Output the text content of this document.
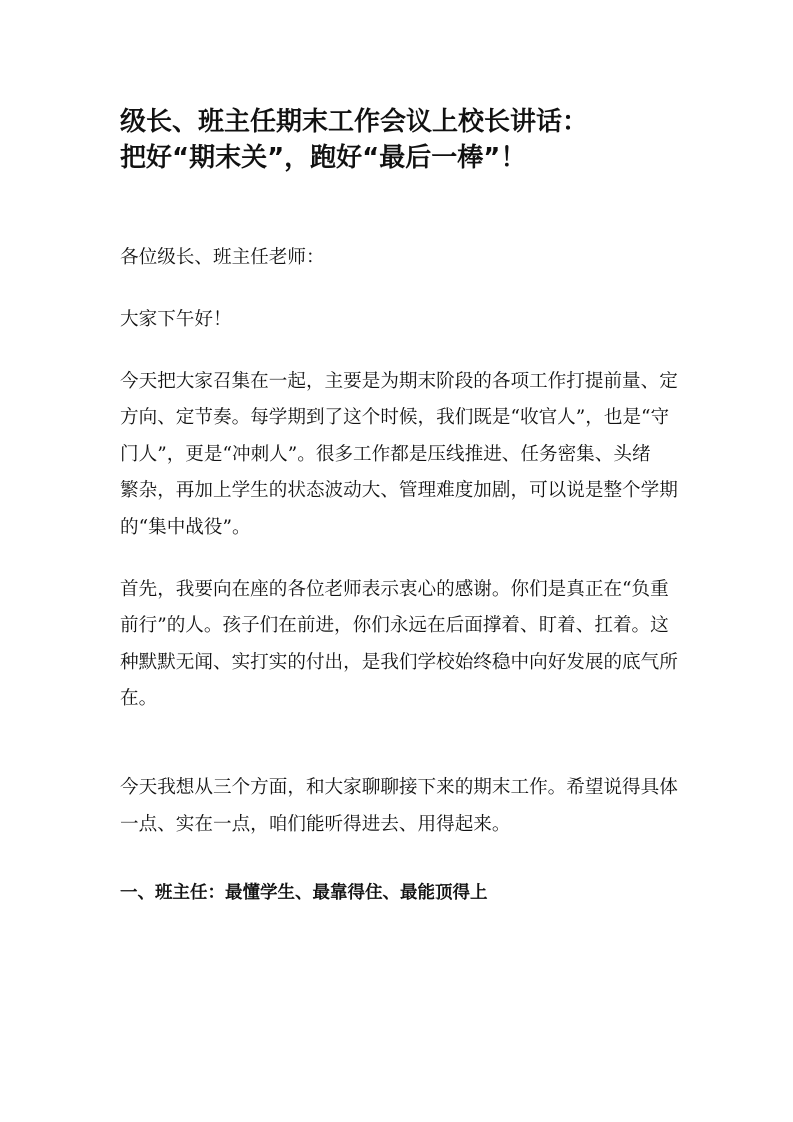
级长、班主任期末工作会议上校长讲话：
把好“期末关”，跑好“最后一棒”！
各位级长、班主任老师：
大家下午好！
今天把大家召集在一起，主要是为期末阶段的各项工作打提前量、定
方向、定节奏。每学期到了这个时候，我们既是“收官人”，也是“守
门人”，更是“冲刺人”。很多工作都是压线推进、任务密集、头绪
繁杂，再加上学生的状态波动大、管理难度加剧，可以说是整个学期
的“集中战役”。
首先，我要向在座的各位老师表示衷心的感谢。你们是真正在“负重
前行”的人。孩子们在前进，你们永远在后面撑着、盯着、扛着。这
种默默无闻、实打实的付出，是我们学校始终稳中向好发展的底气所
在。
今天我想从三个方面，和大家聊聊接下来的期末工作。希望说得具体
一点、实在一点，咱们能听得进去、用得起来。
一、班主任：最懂学生、最靠得住、最能顶得上
